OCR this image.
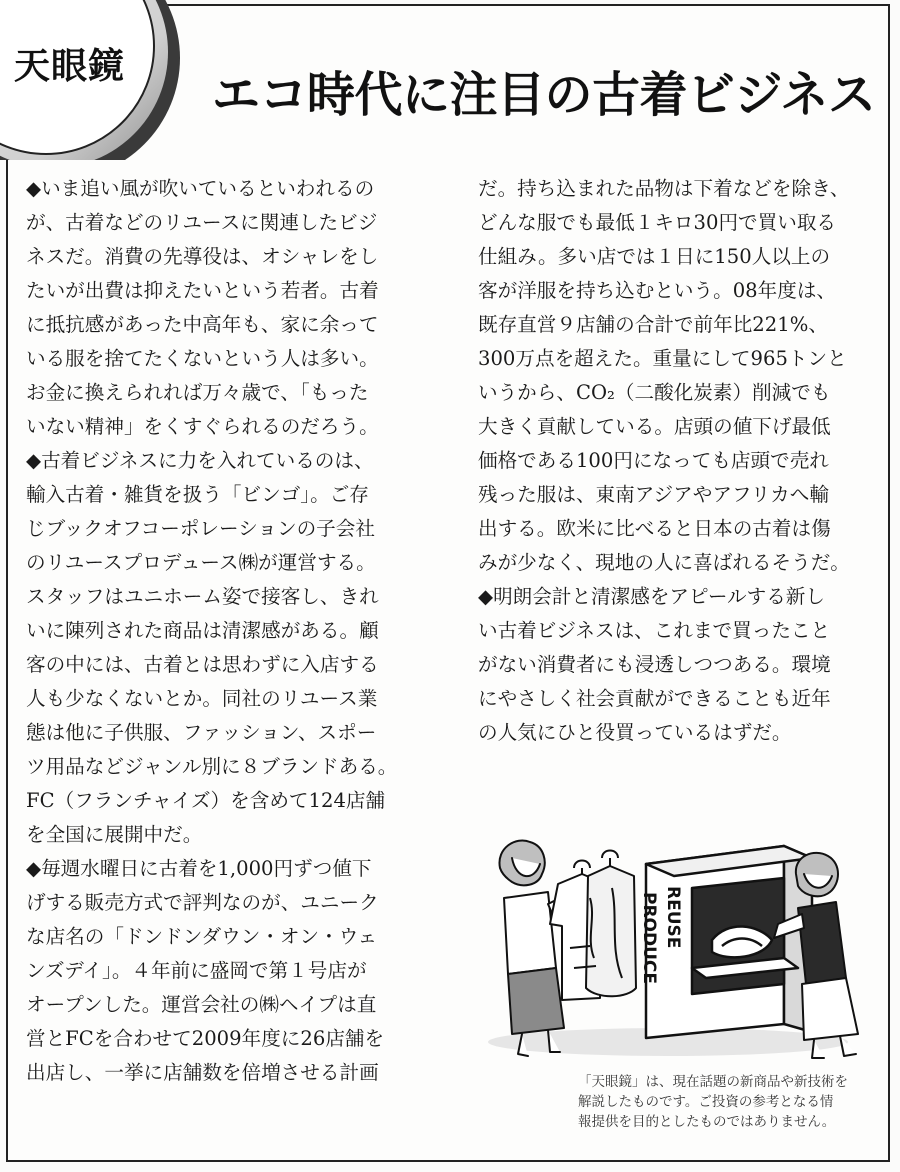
天眼鏡
エコ時代に注目の古着ビジネス
◆いま追い風が吹いているといわれるの
が、古着などのリユースに関連したビジ
ネスだ。消費の先導役は、オシャレをし
たいが出費は抑えたいという若者。古着
に抵抗感があった中高年も、家に余って
いる服を捨てたくないという人は多い。
お金に換えられれば万々歳で、「もった
いない精神」をくすぐられるのだろう。
◆古着ビジネスに力を入れているのは、
輸入古着・雑貨を扱う「ビンゴ」。ご存
じブックオフコーポレーションの子会社
のリユースプロデュース㈱が運営する。
スタッフはユニホーム姿で接客し、きれ
いに陳列された商品は清潔感がある。顧
客の中には、古着とは思わずに入店する
人も少なくないとか。同社のリユース業
態は他に子供服、ファッション、スポー
ツ用品などジャンル別に８ブランドある。
FC（フランチャイズ）を含めて124店舗
を全国に展開中だ。
◆毎週水曜日に古着を1,000円ずつ値下
げする販売方式で評判なのが、ユニーク
な店名の「ドンドンダウン・オン・ウェ
ンズデイ」。４年前に盛岡で第１号店が
オープンした。運営会社の㈱ヘイプは直
営とFCを合わせて2009年度に26店舗を
出店し、一挙に店舗数を倍増させる計画
だ。持ち込まれた品物は下着などを除き、
どんな服でも最低１キロ30円で買い取る
仕組み。多い店では１日に150人以上の
客が洋服を持ち込むという。08年度は、
既存直営９店舗の合計で前年比221%、
300万点を超えた。重量にして965トンと
いうから、CO₂（二酸化炭素）削減でも
大きく貢献している。店頭の値下げ最低
価格である100円になっても店頭で売れ
残った服は、東南アジアやアフリカへ輸
出する。欧米に比べると日本の古着は傷
みが少なく、現地の人に喜ばれるそうだ。
◆明朗会計と清潔感をアピールする新し
い古着ビジネスは、これまで買ったこと
がない消費者にも浸透しつつある。環境
にやさしく社会貢献ができることも近年
の人気にひと役買っているはずだ。
REUSE
PRODUCE
「天眼鏡」は、現在話題の新商品や新技術を
解説したものです。ご投資の参考となる情
報提供を目的としたものではありません。
